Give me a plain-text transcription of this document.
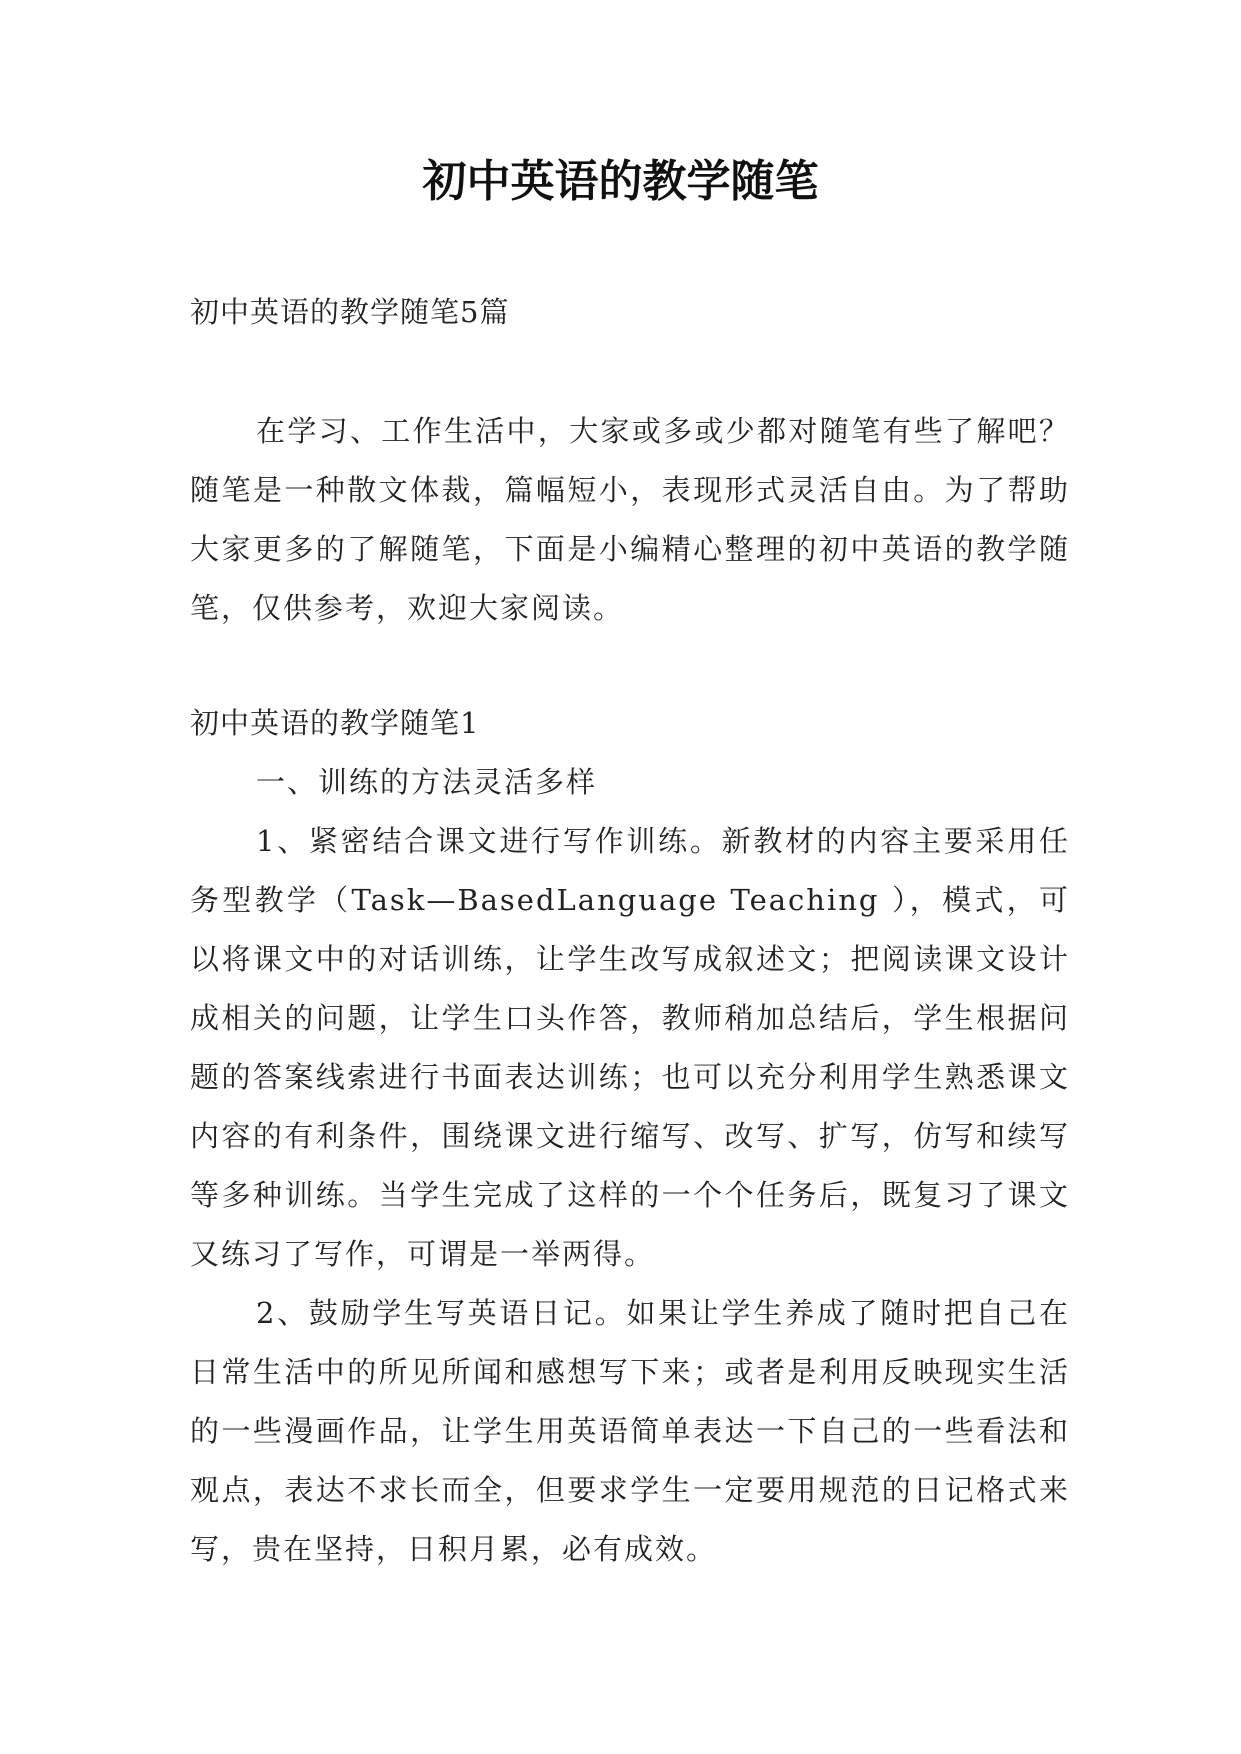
初中英语的教学随笔

初中英语的教学随笔5篇

在学习、工作生活中，大家或多或少都对随笔有些了解吧？随笔是一种散文体裁，篇幅短小，表现形式灵活自由。为了帮助大家更多的了解随笔，下面是小编精心整理的初中英语的教学随笔，仅供参考，欢迎大家阅读。

初中英语的教学随笔1

一、训练的方法灵活多样

1、紧密结合课文进行写作训练。新教材的内容主要采用任务型教学（Task—BasedLanguage Teaching ），模式，可以将课文中的对话训练，让学生改写成叙述文；把阅读课文设计成相关的问题，让学生口头作答，教师稍加总结后，学生根据问题的答案线索进行书面表达训练；也可以充分利用学生熟悉课文内容的有利条件，围绕课文进行缩写、改写、扩写，仿写和续写等多种训练。当学生完成了这样的一个个任务后，既复习了课文又练习了写作，可谓是一举两得。

2、鼓励学生写英语日记。如果让学生养成了随时把自己在日常生活中的所见所闻和感想写下来；或者是利用反映现实生活的一些漫画作品，让学生用英语简单表达一下自己的一些看法和观点，表达不求长而全，但要求学生一定要用规范的日记格式来写，贵在坚持，日积月累，必有成效。
